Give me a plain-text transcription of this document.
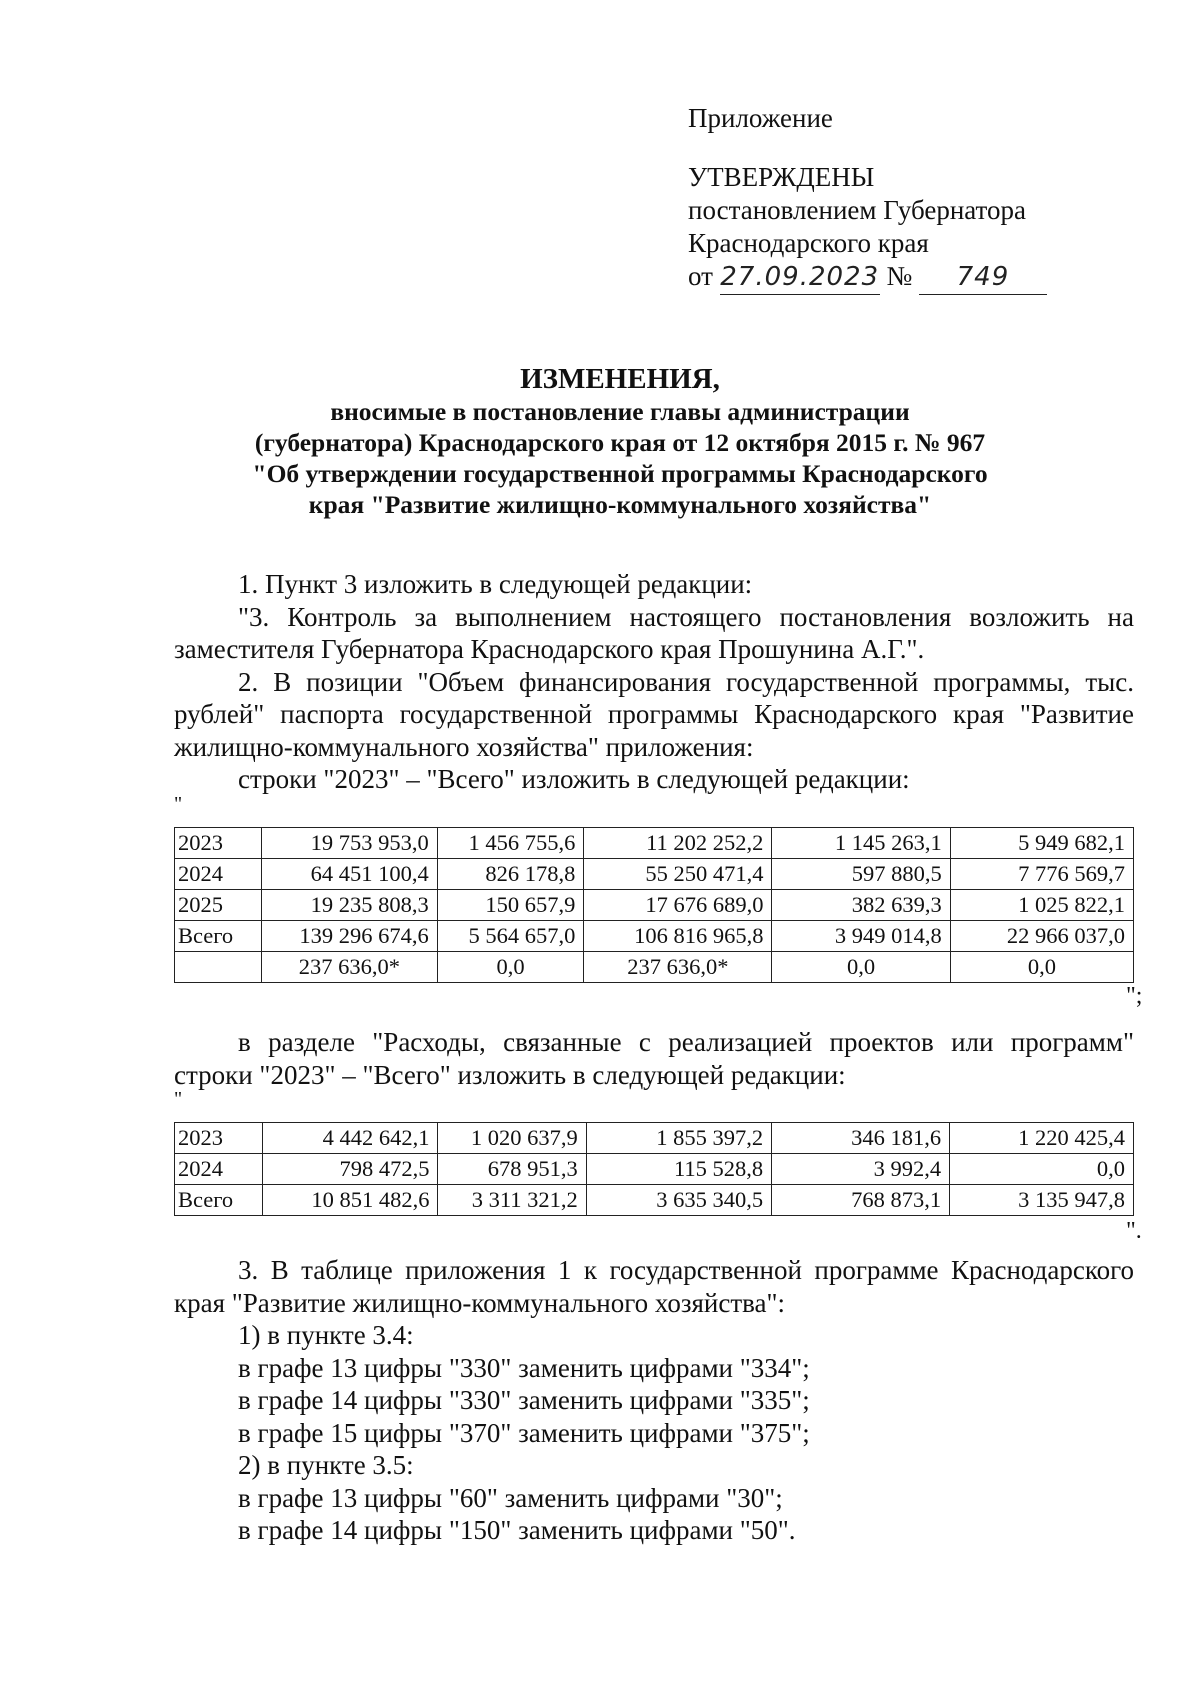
Приложение
УТВЕРЖДЕНЫ
постановлением Губернатора
Краснодарского края
от 27.09.2023 № 749
ИЗМЕНЕНИЯ,
вносимые в постановление главы администрации
(губернатора) Краснодарского края от 12 октября 2015 г. № 967
"Об утверждении государственной программы Краснодарского
края "Развитие жилищно-коммунального хозяйства"

1. Пункт 3 изложить в следующей редакции:

"3. Контроль за выполнением настоящего постановления возложить на заместителя Губернатора Краснодарского края Прошунина А.Г.".

2. В позиции "Объем финансирования государственной программы, тыс. рублей" паспорта государственной программы Краснодарского края "Развитие жилищно-коммунального хозяйства" приложения:

строки "2023" – "Всего" изложить в следующей редакции:

"
2023	19 753 953,0	1 456 755,6	11 202 252,2	1 145 263,1	5 949 682,1
2024	64 451 100,4	826 178,8	55 250 471,4	597 880,5	7 776 569,7
2025	19 235 808,3	150 657,9	17 676 689,0	382 639,3	1 025 822,1
Всего	139 296 674,6	5 564 657,0	106 816 965,8	3 949 014,8	22 966 037,0
	237 636,0*	0,0	237 636,0*	0,0	0,0
";

в разделе "Расходы, связанные с реализацией проектов или программ" строки "2023" – "Всего" изложить в следующей редакции:

"
2023	4 442 642,1	1 020 637,9	1 855 397,2	346 181,6	1 220 425,4
2024	798 472,5	678 951,3	115 528,8	3 992,4	0,0
Всего	10 851 482,6	3 311 321,2	3 635 340,5	768 873,1	3 135 947,8
".

3. В таблице приложения 1 к государственной программе Краснодарского края "Развитие жилищно-коммунального хозяйства":

1) в пункте 3.4:

в графе 13 цифры "330" заменить цифрами "334";

в графе 14 цифры "330" заменить цифрами "335";

в графе 15 цифры "370" заменить цифрами "375";

2) в пункте 3.5:

в графе 13 цифры "60" заменить цифрами "30";

в графе 14 цифры "150" заменить цифрами "50".
